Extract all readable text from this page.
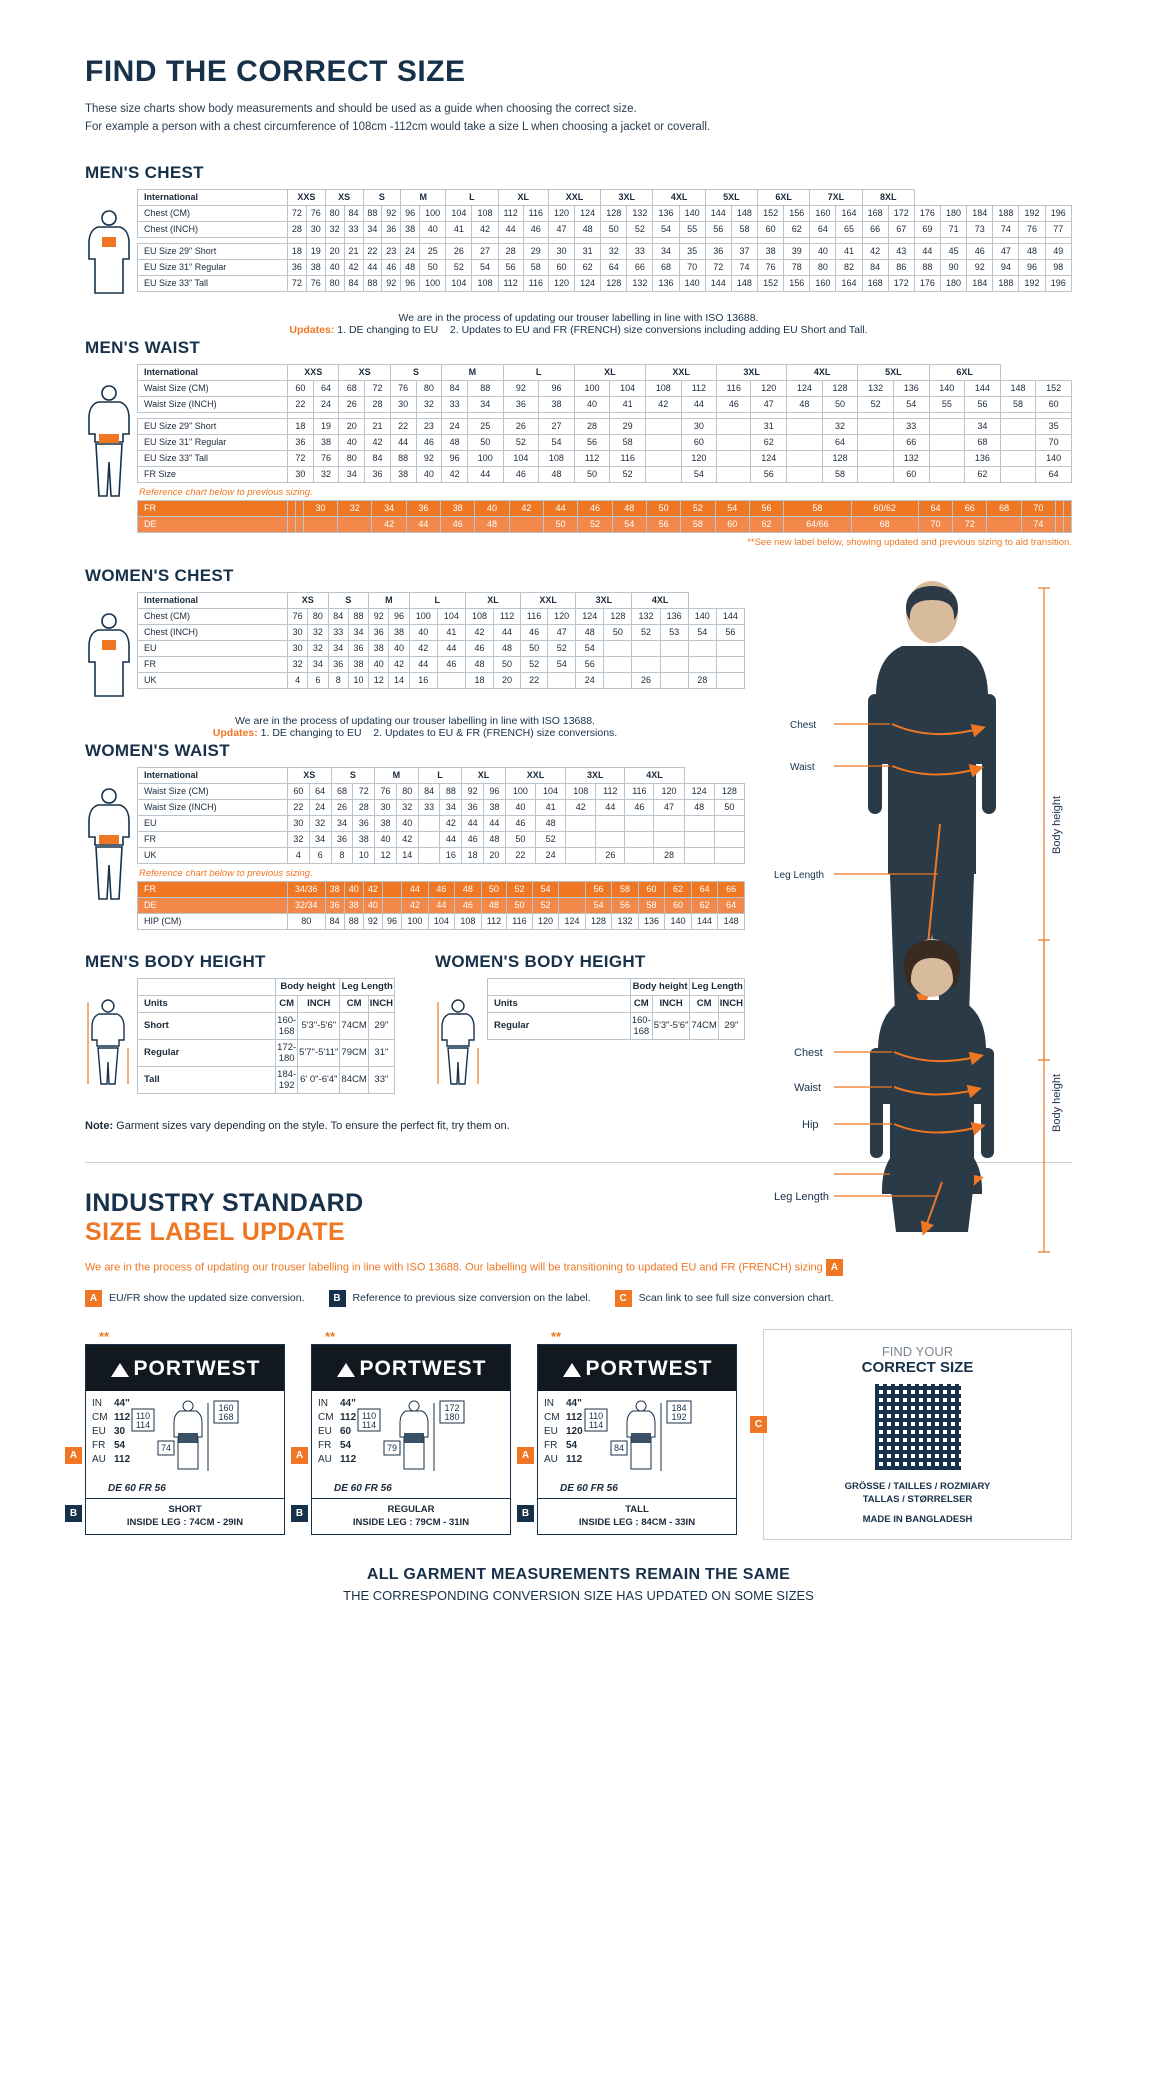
FIND THE CORRECT SIZE
These size charts show body measurements and should be used as a guide when choosing the correct size.
For example a person with a chest circumference of 108cm -112cm would take a size L when choosing a jacket or coverall.
MEN'S CHEST
International	XXS		XS		S		M		L		XL		XXL		3XL		4XL		5XL		6XL		7XL		8XL							
Chest (CM)	72	76	80	84	88	92	96	100	104	108	112	116	120	124	128	132	136	140	144	148	152	156	160	164	168	172	176	180	184	188	192	196
Chest (INCH)	28	30	32	33	34	36	38	40	41	42	44	46	47	48	50	52	54	55	56	58	60	62	64	65	66	67	69	71	73	74	76	77

EU Size 29" Short	18	19	20	21	22	23	24	25	26	27	28	29	30	31	32	33	34	35	36	37	38	39	40	41	42	43	44	45	46	47	48	49
EU Size 31" Regular	36	38	40	42	44	46	48	50	52	54	56	58	60	62	64	66	68	70	72	74	76	78	80	82	84	86	88	90	92	94	96	98
EU Size 33" Tall	72	76	80	84	88	92	96	100	104	108	112	116	120	124	128	132	136	140	144	148	152	156	160	164	168	172	176	180	184	188	192	196
We are in the process of updating our trouser labelling in line with ISO 13688.
Updates: 1. DE changing to EU 2. Updates to EU and FR (FRENCH) size conversions including adding EU Short and Tall.
MEN'S WAIST
International	XXS		XS		S		M		L		XL		XXL		3XL		4XL		5XL		6XL			
Waist Size (CM)	60	64	68	72	76	80	84	88	92	96	100	104	108	112	116	120	124	128	132	136	140	144	148	152
Waist Size (INCH)	22	24	26	28	30	32	33	34	36	38	40	41	42	44	46	47	48	50	52	54	55	56	58	60

EU Size 29" Short	18	19	20	21	22	23	24	25	26	27	28	29		30		31		32		33		34		35
EU Size 31" Regular	36	38	40	42	44	46	48	50	52	54	56	58		60		62		64		66		68		70
EU Size 33" Tall	72	76	80	84	88	92	96	100	104	108	112	116		120		124		128		132		136		140
FR Size	30	32	34	36	38	40	42	44	46	48	50	52		54		56		58		60		62		64
Reference chart below to previous sizing.
FR			30	32	34	36	38	40	42	44	46	48	50	52	54	56	58	60/62	64	66	68	70		
DE					42	44	46	48		50	52	54	56	58	60	62	64/66	68	70	72		74		
**See new label below, showing updated and previous sizing to aid transition.
WOMEN'S CHEST
International	XS		S		M		L		XL		XXL		3XL		4XL			
Chest (CM)	76	80	84	88	92	96	100	104	108	112	116	120	124	128	132	136	140	144
Chest (INCH)	30	32	33	34	36	38	40	41	42	44	46	47	48	50	52	53	54	56
EU	30	32	34	36	38	40	42	44	46	48	50	52	54					
FR	32	34	36	38	40	42	44	46	48	50	52	54	56					
UK	4	6	8	10	12	14	16		18	20	22		24		26		28	
We are in the process of updating our trouser labelling in line with ISO 13688.
Updates: 1. DE changing to EU 2. Updates to EU & FR (FRENCH) size conversions.
WOMEN'S WAIST
International	XS		S		M		L		XL		XXL		3XL		4XL			
Waist Size (CM)	60	64	68	72	76	80	84	88	92	96	100	104	108	112	116	120	124	128
Waist Size (INCH)	22	24	26	28	30	32	33	34	36	38	40	41	42	44	46	47	48	50
EU	30	32	34	36	38	40		42	44	44	46	48						
FR	32	34	36	38	40	42		44	46	48	50	52						
UK	4	6	8	10	12	14		16	18	20	22	24		26		28		
Reference chart below to previous sizing.
FR	34/36	38	40	42		44	46	48	50	52	54		56	58	60	62	64	66
DE	32/34	36	38	40		42	44	46	48	50	52		54	56	58	60	62	64
HIP (CM)	80	84	88	92	96	100	104	108	112	116	120	124	128	132	136	140	144	148
Chest
Waist
Leg Length
Body height
Chest
Waist
Hip
Leg Length
Body height
MEN'S BODY HEIGHT
	Body height		Leg Length	
Units	CM	INCH	CM	INCH
Short	160-168	5'3"-5'6"	74CM	29"
Regular	172-180	5'7"-5'11"	79CM	31"
Tall	184-192	6' 0"-6'4"	84CM	33"
WOMEN'S BODY HEIGHT
	Body height		Leg Length	
Units	CM	INCH	CM	INCH
Regular	160-168	5'3"-5'6"	74CM	29"
Note: Garment sizes vary depending on the style. To ensure the perfect fit, try them on.
INDUSTRY STANDARD
SIZE LABEL UPDATE
We are in the process of updating our trouser labelling in line with ISO 13688. Our labelling will be transitioning to updated EU and FR (FRENCH) sizing A
A	EU/FR show the updated size conversion.	B	Reference to previous size conversion on the label.	C	Scan link to see full size conversion chart.
**
PORTWEST
IN 44"
CM 112
EU 30
FR 54
AU 112
110
114
160
168
74
DE 60 FR 56
SHORT
INSIDE LEG : 74CM - 29IN
A
B
**
PORTWEST
IN 44"
CM 112
EU 60
FR 54
AU 112
110
114
172
180
79
DE 60 FR 56
REGULAR
INSIDE LEG : 79CM - 31IN
A
B
**
PORTWEST
IN 44"
CM 112
EU 120
FR 54
AU 112
110
114
184
192
84
DE 60 FR 56
TALL
INSIDE LEG : 84CM - 33IN
A
B
C
FIND YOUR
CORRECT SIZE
GRÖSSE / TAILLES / ROZMIARY
TALLAS / STØRRELSER
MADE IN BANGLADESH
ALL GARMENT MEASUREMENTS REMAIN THE SAME
THE CORRESPONDING CONVERSION SIZE HAS UPDATED ON SOME SIZES
